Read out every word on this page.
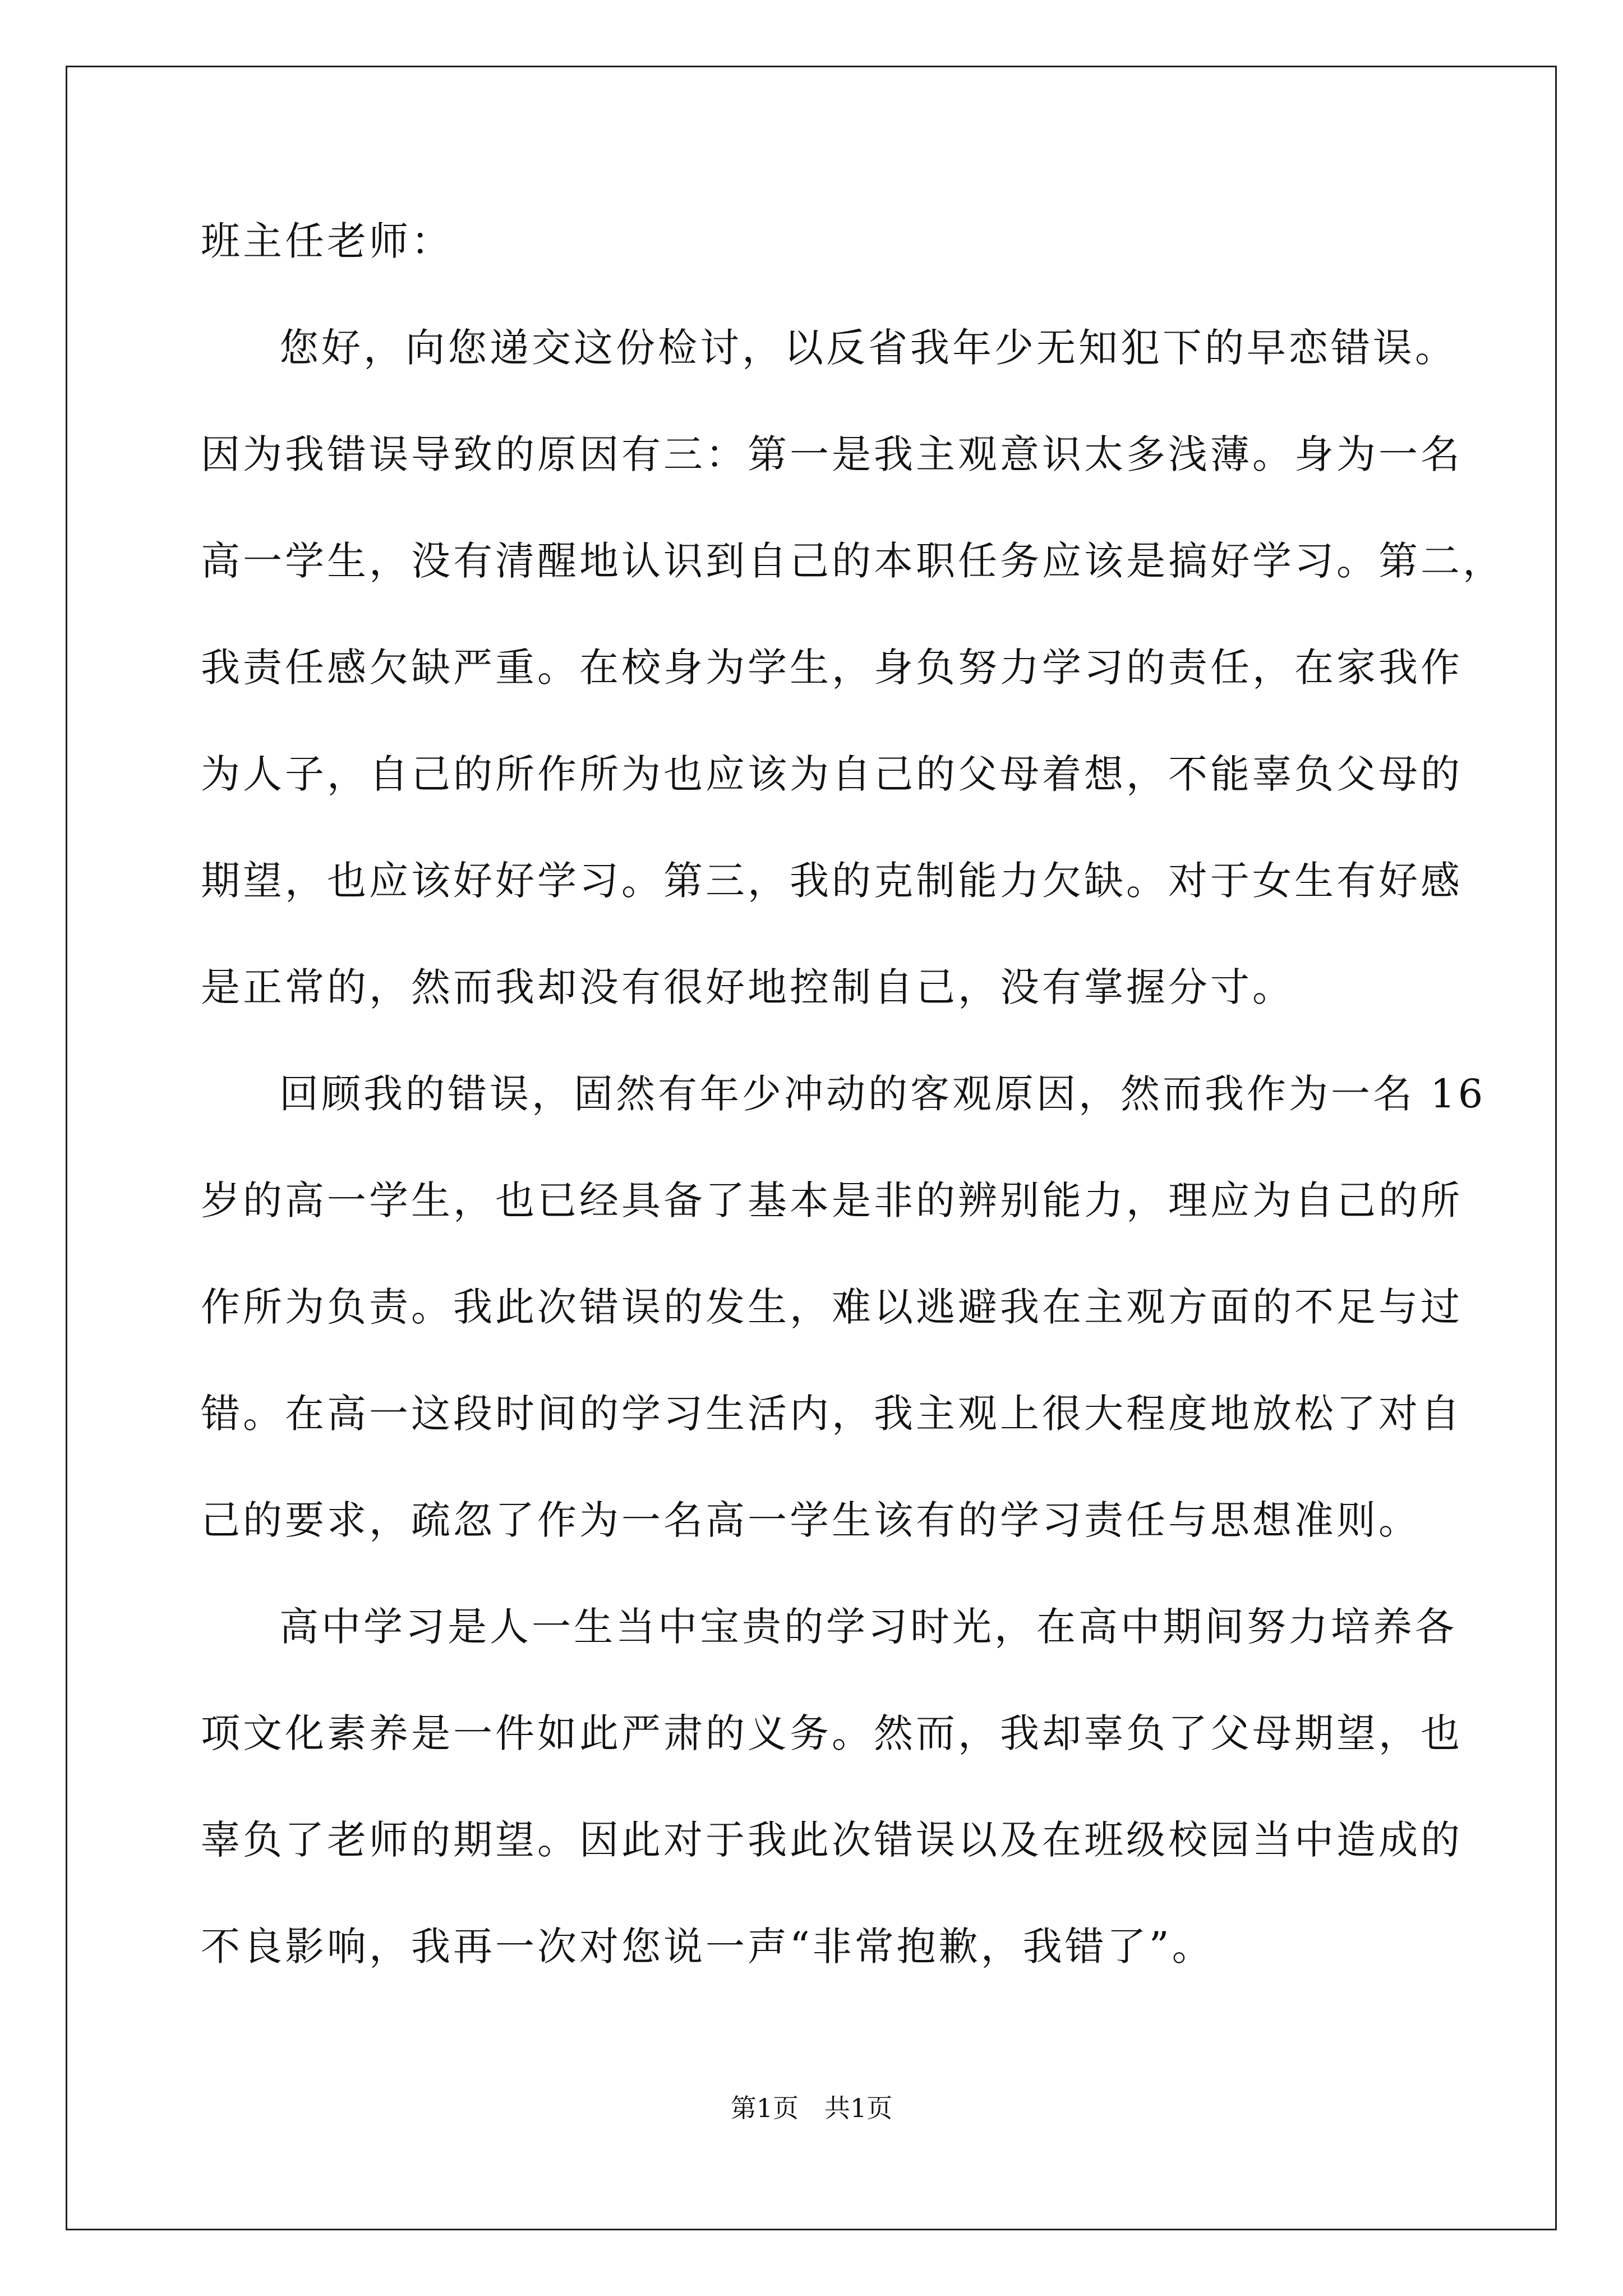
班主任老师：
您好，向您递交这份检讨，以反省我年少无知犯下的早恋错误。
因为我错误导致的原因有三：第一是我主观意识太多浅薄。身为一名
高一学生，没有清醒地认识到自己的本职任务应该是搞好学习。第二，
我责任感欠缺严重。在校身为学生，身负努力学习的责任，在家我作
为人子，自己的所作所为也应该为自己的父母着想，不能辜负父母的
期望，也应该好好学习。第三，我的克制能力欠缺。对于女生有好感
是正常的，然而我却没有很好地控制自己，没有掌握分寸。
回顾我的错误，固然有年少冲动的客观原因，然而我作为一名 16
岁的高一学生，也已经具备了基本是非的辨别能力，理应为自己的所
作所为负责。我此次错误的发生，难以逃避我在主观方面的不足与过
错。在高一这段时间的学习生活内，我主观上很大程度地放松了对自
己的要求，疏忽了作为一名高一学生该有的学习责任与思想准则。
高中学习是人一生当中宝贵的学习时光，在高中期间努力培养各
项文化素养是一件如此严肃的义务。然而，我却辜负了父母期望，也
辜负了老师的期望。因此对于我此次错误以及在班级校园当中造成的
不良影响，我再一次对您说一声“非常抱歉，我错了”。
第1页　共1页
